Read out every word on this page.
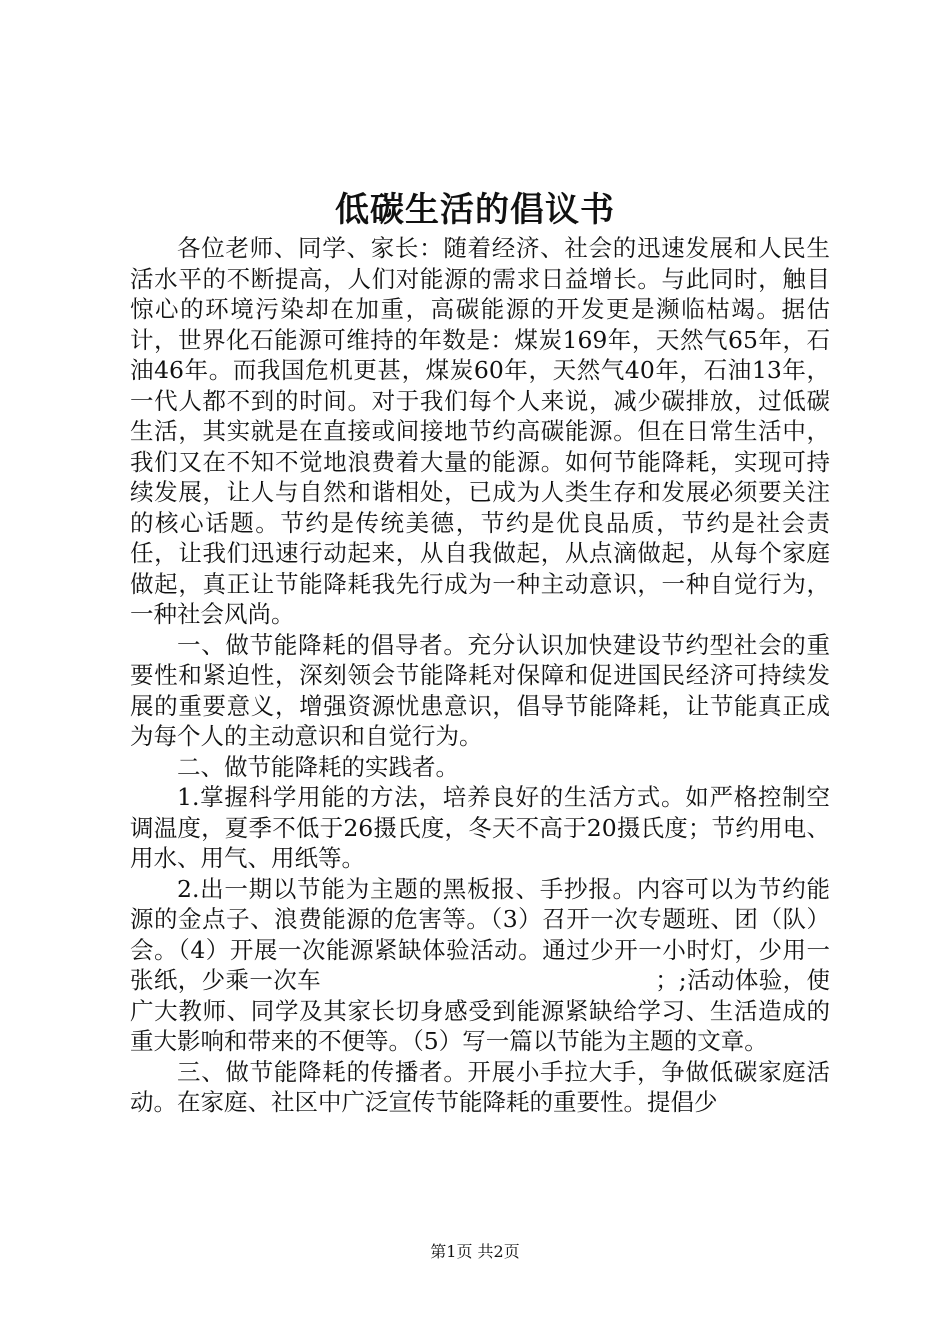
低碳生活的倡议书

各位老师、同学、家长：随着经济、社会的迅速发展和人民生活水平的不断提高，人们对能源的需求日益增长。与此同时，触目惊心的环境污染却在加重，高碳能源的开发更是濒临枯竭。据估计，世界化石能源可维持的年数是：煤炭169年，天然气65年，石油46年。而我国危机更甚，煤炭60年，天然气40年，石油13年，一代人都不到的时间。对于我们每个人来说，减少碳排放，过低碳生活，其实就是在直接或间接地节约高碳能源。但在日常生活中，我们又在不知不觉地浪费着大量的能源。如何节能降耗，实现可持续发展，让人与自然和谐相处，已成为人类生存和发展必须要关注的核心话题。节约是传统美德，节约是优良品质，节约是社会责任，让我们迅速行动起来，从自我做起，从点滴做起，从每个家庭做起，真正让节能降耗我先行成为一种主动意识，一种自觉行为，一种社会风尚。

一、做节能降耗的倡导者。充分认识加快建设节约型社会的重要性和紧迫性，深刻领会节能降耗对保障和促进国民经济可持续发展的重要意义，增强资源忧患意识，倡导节能降耗，让节能真正成为每个人的主动意识和自觉行为。

二、做节能降耗的实践者。

1.掌握科学用能的方法，培养良好的生活方式。如严格控制空调温度，夏季不低于26摄氏度，冬天不高于20摄氏度；节约用电、用水、用气、用纸等。

2.出一期以节能为主题的黑板报、手抄报。内容可以为节约能源的金点子、浪费能源的危害等。（3）召开一次专题班、团（队）会。（4）开展一次能源紧缺体验活动。通过少开一小时灯，少用一张纸，少乘一次车　　　　　　　　　　　　　　；;活动体验，使广大教师、同学及其家长切身感受到能源紧缺给学习、生活造成的重大影响和带来的不便等。（5）写一篇以节能为主题的文章。

三、做节能降耗的传播者。开展小手拉大手，争做低碳家庭活动。在家庭、社区中广泛宣传节能降耗的重要性。提倡少

第1页 共2页
